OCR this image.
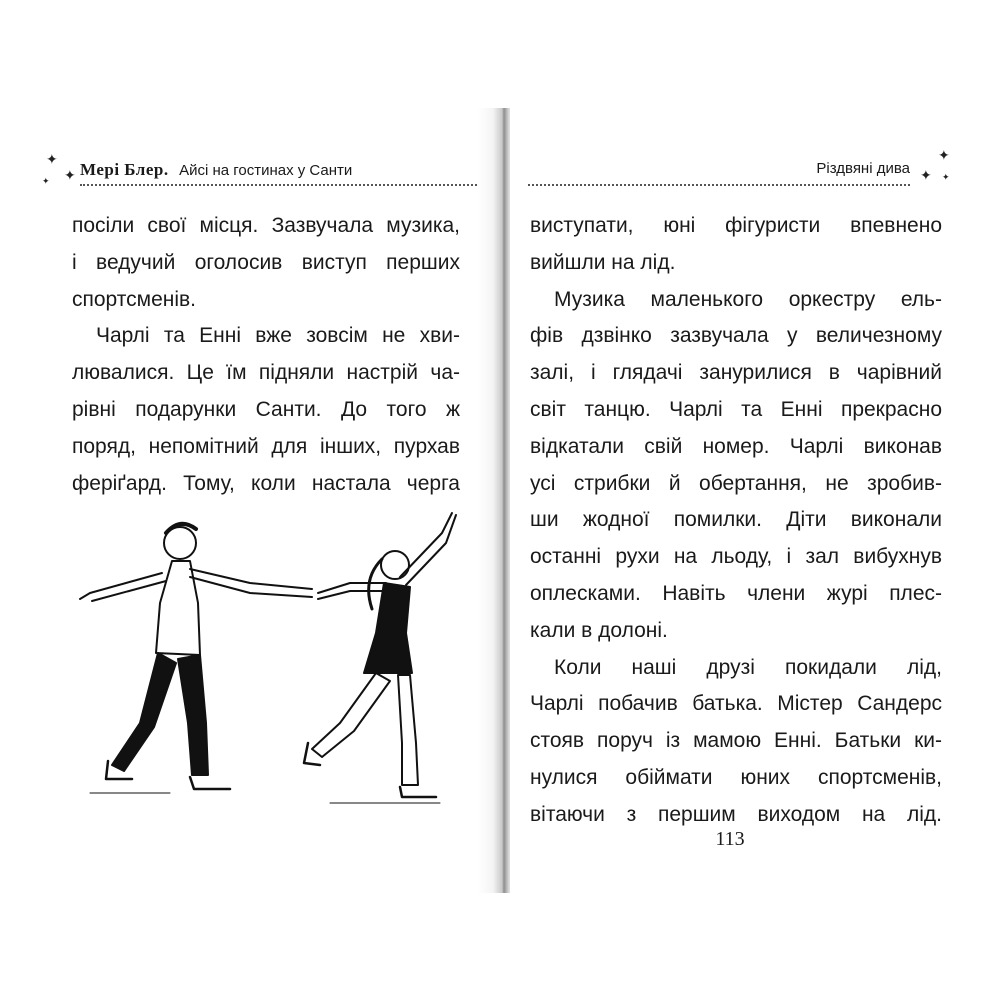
✦
✦
✦
Мері Блер. Айсі на гостинах у Санти
посіли свої місця. Зазвучала музика,
і ведучий оголосив виступ перших
спортсменів.
Чарлі та Енні вже зовсім не хви-
лювалися. Це їм підняли настрій ча-
рівні подарунки Санти. До того ж
поряд, непомітний для інших, пурхав
феріґард. Тому, коли настала черга
Різдвяні дива
✦
✦ ✦
виступати, юні фігуристи впевнено
вийшли на лід.
Музика маленького оркестру ель-
фів дзвінко зазвучала у величезному
залі, і глядачі занурилися в чарівний
світ танцю. Чарлі та Енні прекрасно
відкатали свій номер. Чарлі виконав
усі стрибки й обертання, не зробив-
ши жодної помилки. Діти виконали
останні рухи на льоду, і зал вибухнув
оплесками. Навіть члени журі плес-
кали в долоні.
Коли наші друзі покидали лід,
Чарлі побачив батька. Містер Сандерс
стояв поруч із мамою Енні. Батьки ки-
нулися обіймати юних спортсменів,
вітаючи з першим виходом на лід.
113
